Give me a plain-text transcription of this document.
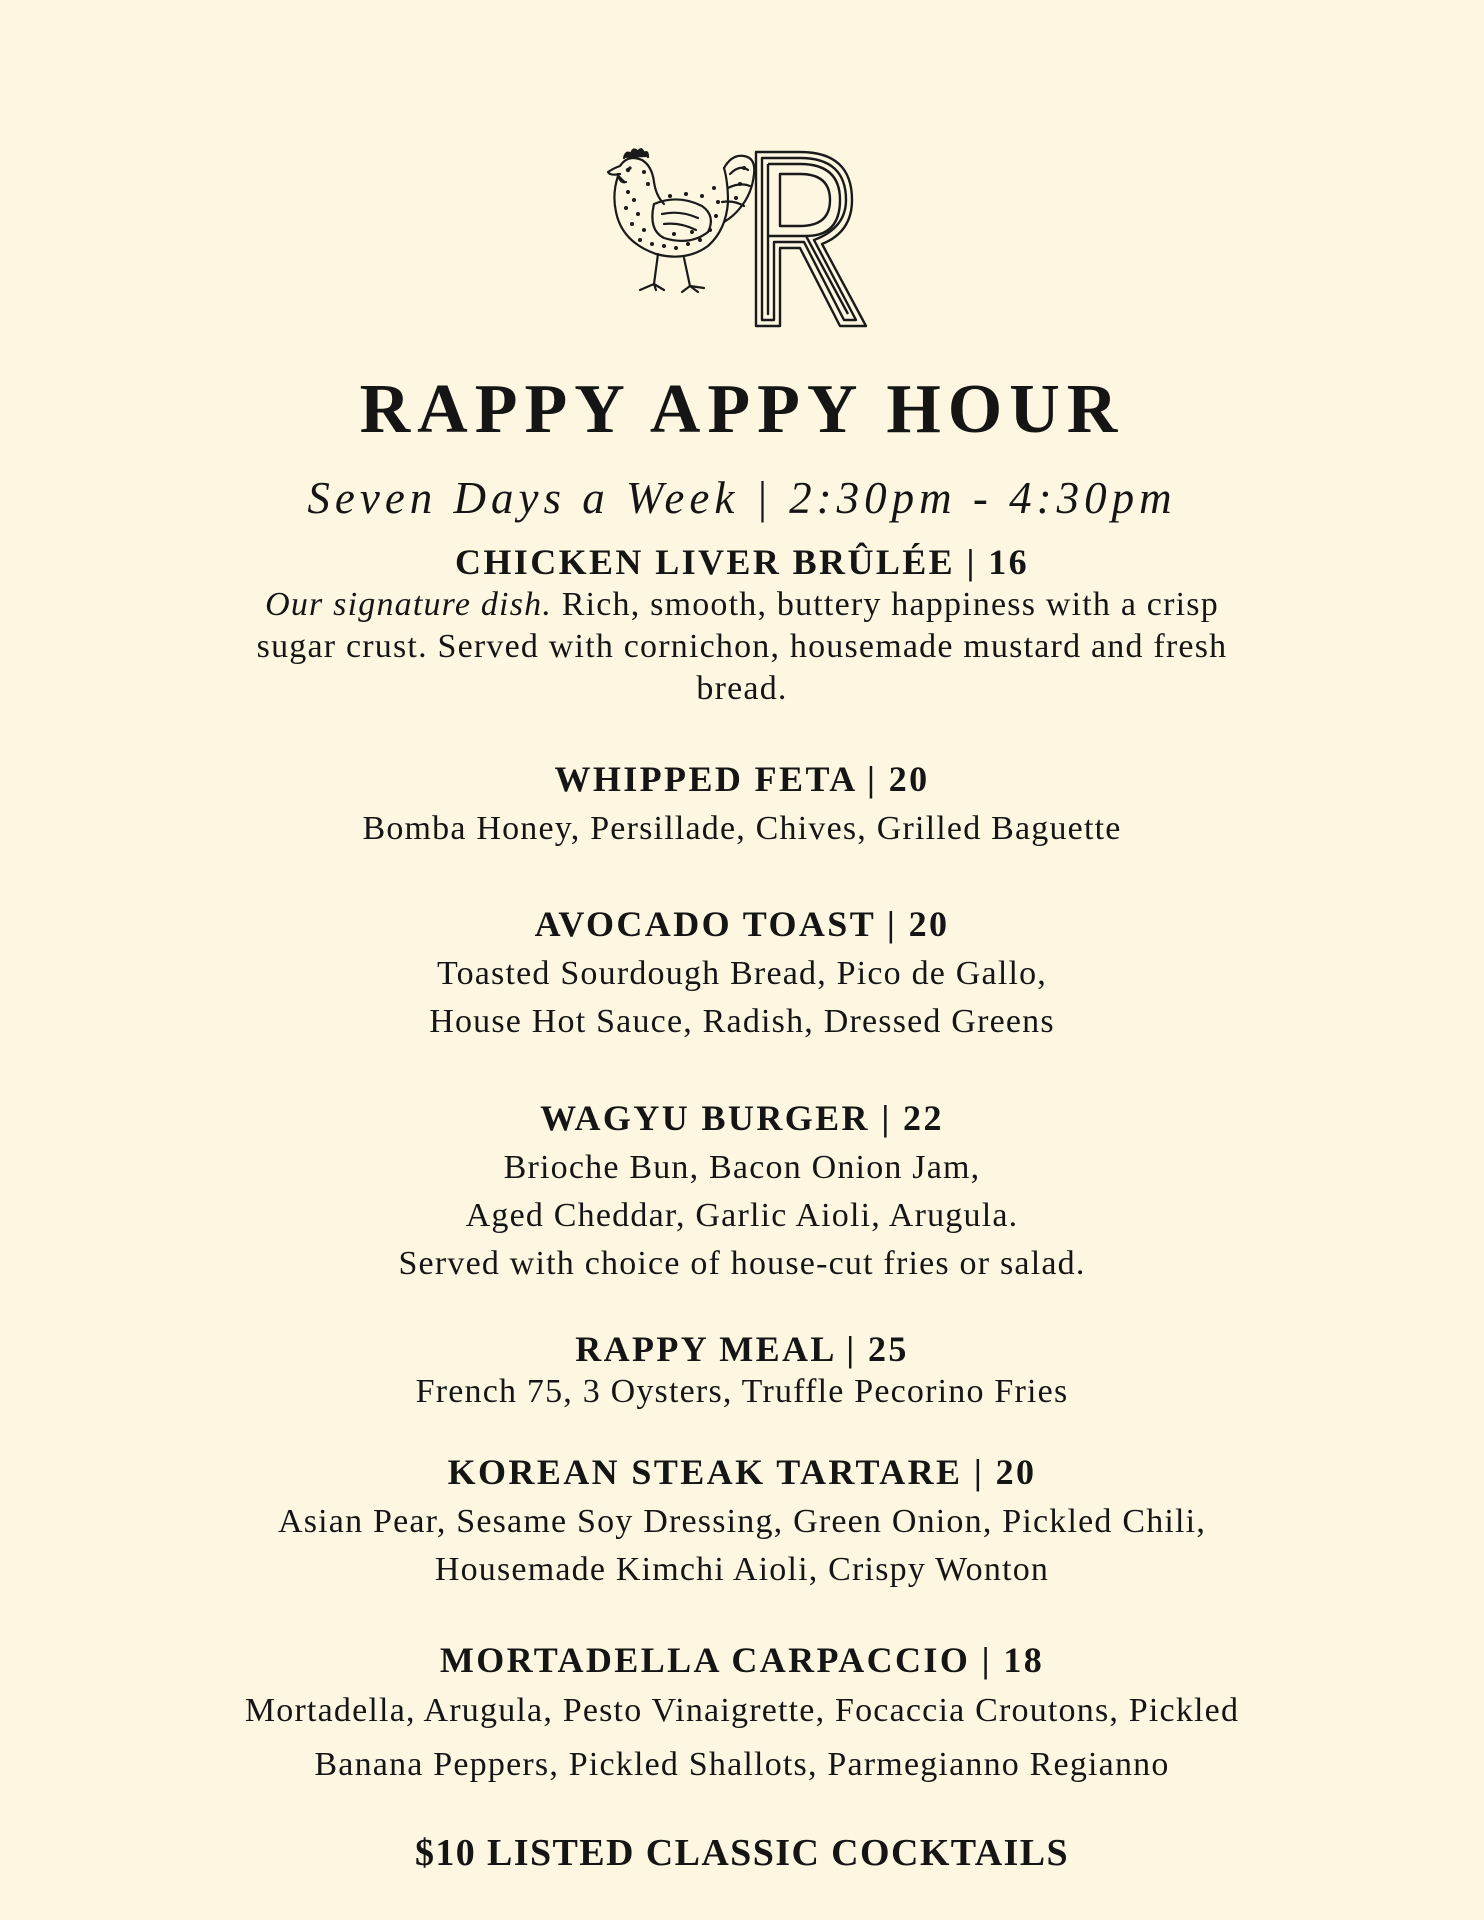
RAPPY APPY HOUR
Seven Days a Week | 2:30pm - 4:30pm
CHICKEN LIVER BRÛLÉE | 16
Our signature dish. Rich, smooth, buttery happiness with a crisp
sugar crust. Served with cornichon, housemade mustard and fresh
bread.
WHIPPED FETA | 20
Bomba Honey, Persillade, Chives, Grilled Baguette
AVOCADO TOAST | 20
Toasted Sourdough Bread, Pico de Gallo,
House Hot Sauce, Radish, Dressed Greens
WAGYU BURGER | 22
Brioche Bun, Bacon Onion Jam,
Aged Cheddar, Garlic Aioli, Arugula.
Served with choice of house-cut fries or salad.
RAPPY MEAL | 25
French 75, 3 Oysters, Truffle Pecorino Fries
KOREAN STEAK TARTARE | 20
Asian Pear, Sesame Soy Dressing, Green Onion, Pickled Chili,
Housemade Kimchi Aioli, Crispy Wonton
MORTADELLA CARPACCIO | 18
Mortadella, Arugula, Pesto Vinaigrette, Focaccia Croutons, Pickled
Banana Peppers, Pickled Shallots, Parmegianno Regianno
$10 LISTED CLASSIC COCKTAILS
